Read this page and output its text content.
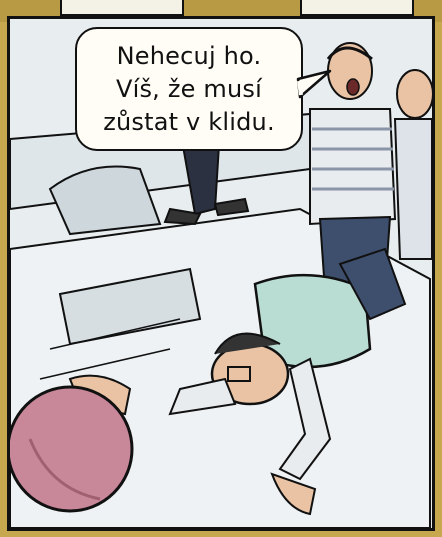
Nehecuj ho.
Víš, že musí
zůstat v klidu.
